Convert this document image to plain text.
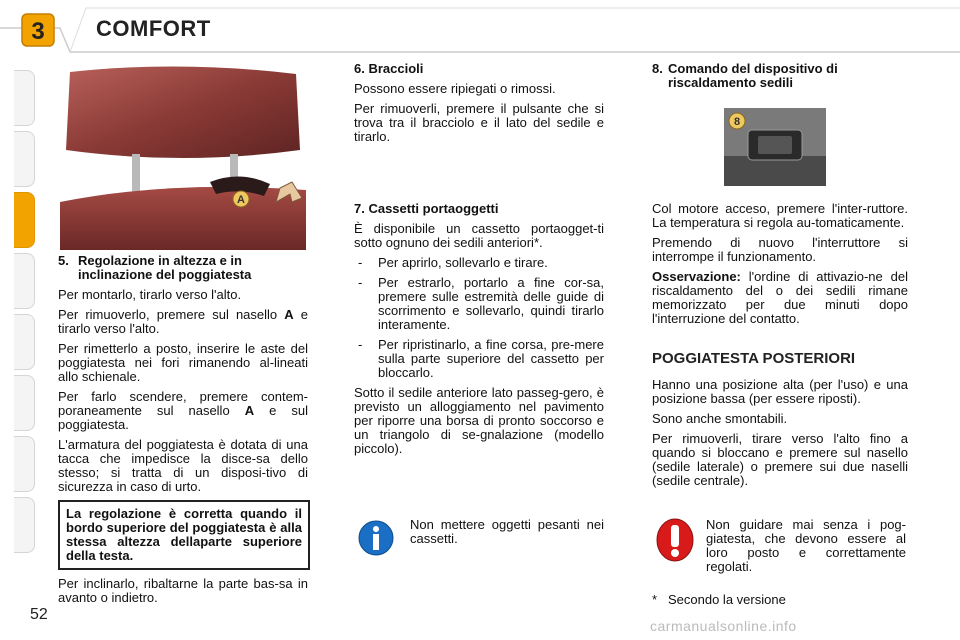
3 COMFORT
A
5. Regolazione in altezza e in inclinazione del poggiatesta

Per montarlo, tirarlo verso l'alto.

Per rimuoverlo, premere sul nasello A e tirarlo verso l'alto.

Per rimetterlo a posto, inserire le aste del poggiatesta nei fori rimanendo al-lineati allo schienale.

Per farlo scendere, premere contem-poraneamente sul nasello A e sul poggiatesta.

L'armatura del poggiatesta è dotata di una tacca che impedisce la disce-sa dello stesso; si tratta di un disposi-tivo di sicurezza in caso di urto.

La regolazione è corretta quando il bordo superiore del poggiatesta è alla stessa altezza dellaparte superiore della testa.

Per inclinarlo, ribaltarne la parte bas-sa in avanto o indietro.

6. Braccioli

Possono essere ripiegati o rimossi.

Per rimuoverli, premere il pulsante che si trova tra il bracciolo e il lato del sedile e tirarlo.

7. Cassetti portaoggetti

È disponibile un cassetto portaogget-ti sotto ognuno dei sedili anteriori*.

- Per aprirlo, sollevarlo e tirare.
- Per estrarlo, portarlo a fine cor-sa, premere sulle estremità delle guide di scorrimento e sollevarlo, quindi tirarlo interamente.
- Per ripristinarlo, a fine corsa, pre-mere sulla parte superiore del cassetto per bloccarlo.

Sotto il sedile anteriore lato passeg-gero, è previsto un alloggiamento nel pavimento per riporre una borsa di pronto soccorso e un triangolo di se-gnalazione (modello piccolo).

Non mettere oggetti pesanti nei cassetti.

8. Comando del dispositivo di riscaldamento sedili
8

Col motore acceso, premere l'inter-ruttore. La temperatura si regola au-tomaticamente.

Premendo di nuovo l'interruttore si interrompe il funzionamento.

Osservazione: l'ordine di attivazio-ne del riscaldamento del o dei sedili rimane memorizzato per due minuti dopo l'interruzione del contatto.

POGGIATESTA POSTERIORI

Hanno una posizione alta (per l'uso) e una posizione bassa (per essere riposti).

Sono anche smontabili.

Per rimuoverli, tirare verso l'alto fino a quando si bloccano e premere sul nasello (sedile laterale) o premere sui due naselli (sedile centrale).

Non guidare mai senza i pog-giatesta, che devono essere al loro posto e correttamente regolati.

* Secondo la versione
52
carmanualsonline.info
